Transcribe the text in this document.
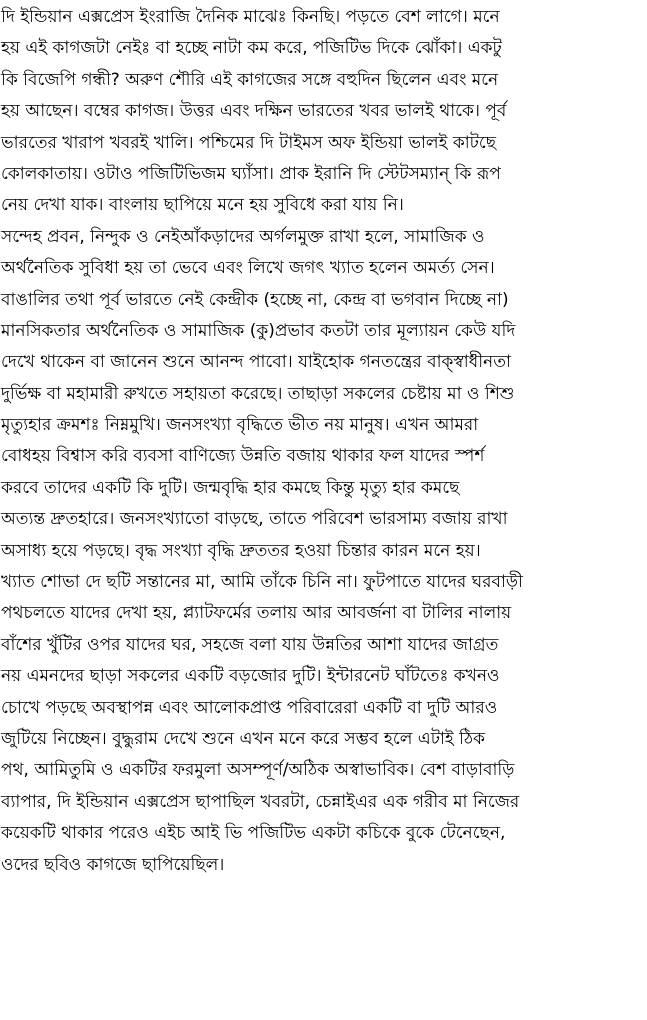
দি ইন্ডিয়ান এক্সপ্রেস ইংরাজি দৈনিক মাঝেঃ কিনছি। পড়তে বেশ লাগে। মনে
হয় এই কাগজটা নেইঃ বা হচ্ছে নাটা কম করে, পজিটিভ দিকে ঝোঁকা। একটু
কি বিজেপি গন্ধী? অরুণ শৌরি এই কাগজের সঙ্গে বহুদিন ছিলেন এবং মনে
হয় আছেন। বম্বের কাগজ। উত্তর এবং দক্ষিন ভারতের খবর ভালই থাকে। পূর্ব
ভারতের খারাপ খবরই খালি। পশ্চিমের দি টাইমস অফ ইন্ডিয়া ভালই কাটছে
কোলকাতায়। ওটাও পজিটিভিজম ঘ্যাঁসা। প্রাক ইরানি দি স্টেটসম্যান্‌ কি রূপ
নেয় দেখা যাক। বাংলায় ছাপিয়ে মনে হয় সুবিধে করা যায় নি।
সন্দেহ প্রবন, নিন্দুক ও নেইআঁকড়াদের অর্গলমুক্ত রাখা হলে, সামাজিক ও
অর্থনৈতিক সুবিধা হয় তা ভেবে এবং লিখে জগৎ খ্যাত হলেন অমর্ত্য সেন।
বাঙালির তথা পূর্ব ভারতে নেই কেন্দ্রীক (হচ্ছে না, কেন্দ্র বা ভগবান দিচ্ছে না)
মানসিকতার অর্থনৈতিক ও সামাজিক (কু)প্রভাব কতটা তার মূল্যায়ন কেউ যদি
দেখে থাকেন বা জানেন শুনে আনন্দ পাবো। যাইহোক গনতন্ত্রের বাক্‌স্বাধীনতা
দুর্ভিক্ষ বা মহামারী রুখতে সহায়তা করেছে। তাছাড়া সকলের চেষ্টায় মা ও শিশু
মৃত্যুহার ক্রমশঃ নিম্নমুখি। জনসংখ্যা বৃদ্ধিতে ভীত নয় মানুষ। এখন আমরা
বোধহয় বিশ্বাস করি ব্যবসা বাণিজ্যে উন্নতি বজায় থাকার ফল যাদের স্পর্শ
করবে তাদের একটি কি দুটি। জন্মবৃদ্ধি হার কমছে কিন্তু মৃত্যু হার কমছে
অত্যন্ত দ্রুতহারে। জনসংখ্যাতো বাড়ছে, তাতে পরিবেশ ভারসাম্য বজায় রাখা
অসাধ্য হয়ে পড়ছে। বৃদ্ধ সংখ্যা বৃদ্ধি দ্রুততর হওয়া চিন্তার কারন মনে হয়।
খ্যাত শোভা দে ছটি সন্তানের মা, আমি তাঁকে চিনি না। ফুটপাতে যাদের ঘরবাড়ী
পথচলতে যাদের দেখা হয়, প্ল্যাটফর্মের তলায় আর আবর্জনা বা টালির নালায়
বাঁশের খুঁটির ওপর যাদের ঘর, সহজে বলা যায় উন্নতির আশা যাদের জাগ্রত
নয় এমনদের ছাড়া সকলের একটি বড়জোর দুটি। ইন্টারনেট ঘাঁটতেঃ কখনও
চোখে পড়ছে অবস্থাপন্ন এবং আলোকপ্রাপ্ত পরিবারেরা একটি বা দুটি আরও
জুটিয়ে নিচ্ছেন। বুদ্ধুরাম দেখে শুনে এখন মনে করে সম্ভব হলে এটাই ঠিক
পথ, আমিতুমি ও একটির ফরমুলা অসম্পূর্ণ/অঠিক অস্বাভাবিক। বেশ বাড়াবাড়ি
ব্যাপার, দি ইন্ডিয়ান এক্সপ্রেস ছাপাছিল খবরটা, চেন্নাইএর এক গরীব মা নিজের
কয়েকটি থাকার পরেও এইচ আই ভি পজিটিভ একটা কচিকে বুকে টেনেছেন,
ওদের ছবিও কাগজে ছাপিয়েছিল।
